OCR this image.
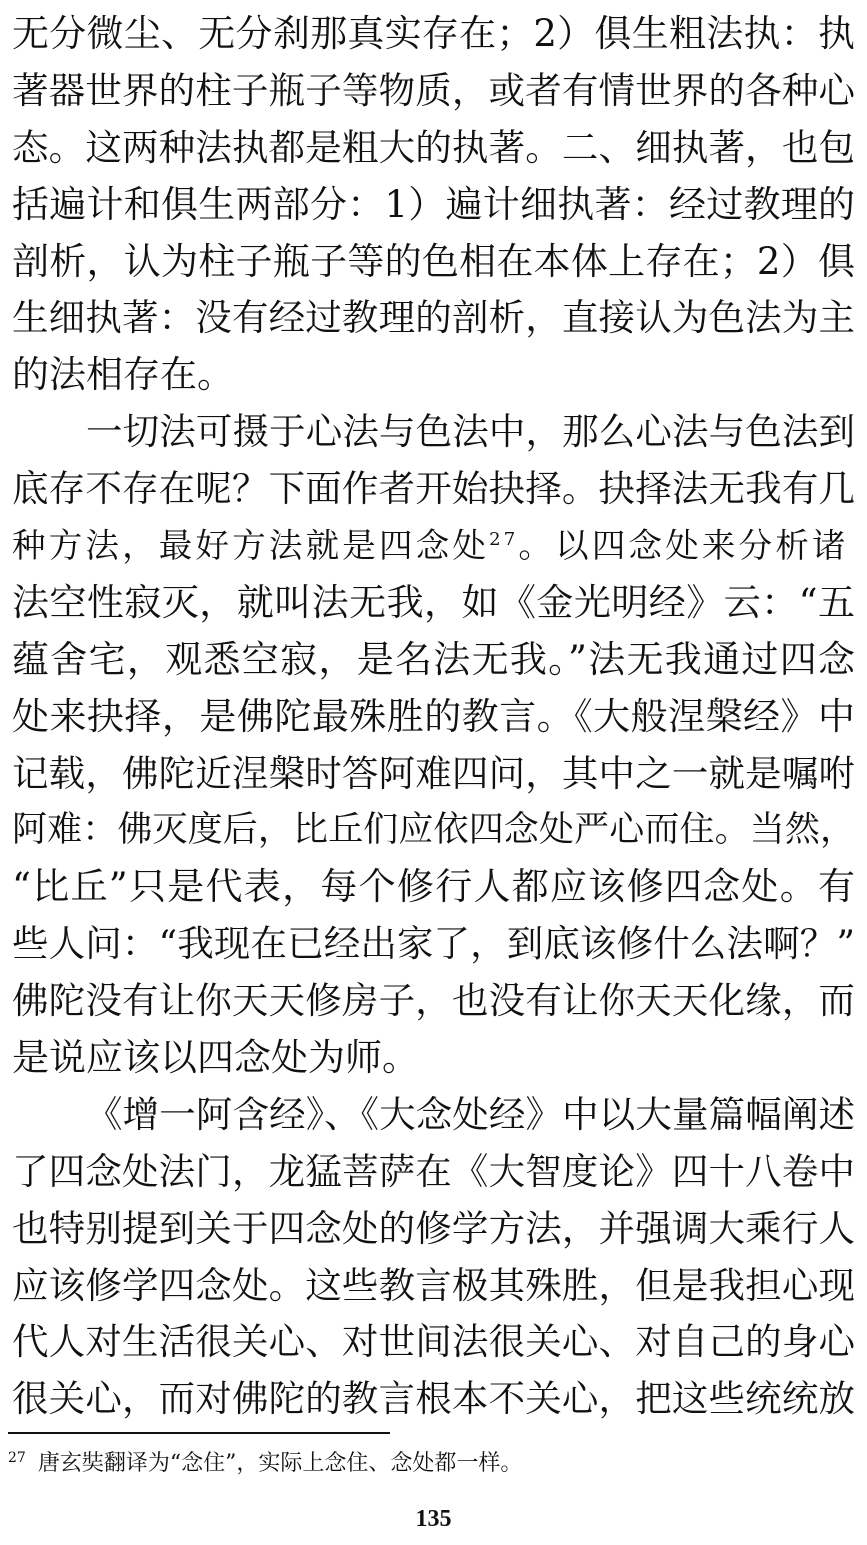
无分微尘、无分刹那真实存在；2）俱生粗法执：执
著器世界的柱子瓶子等物质，或者有情世界的各种心
态。这两种法执都是粗大的执著。二、细执著，也包
括遍计和俱生两部分：1）遍计细执著：经过教理的
剖析，认为柱子瓶子等的色相在本体上存在；2）俱
生细执著：没有经过教理的剖析，直接认为色法为主
的法相存在。
一切法可摄于心法与色法中，那么心法与色法到
底存不存在呢？下面作者开始抉择。抉择法无我有几
种方法，最好方法就是四念处$^{27}$。以四念处来分析诸
法空性寂灭，就叫法无我，如《金光明经》云：“五
蕴舍宅，观悉空寂，是名法无我。”法无我通过四念
处来抉择，是佛陀最殊胜的教言。《大般涅槃经》中
记载，佛陀近涅槃时答阿难四问，其中之一就是嘱咐
阿难：佛灭度后，比丘们应依四念处严心而住。当然，
“比丘”只是代表，每个修行人都应该修四念处。有
些人问：“我现在已经出家了，到底该修什么法啊？”
佛陀没有让你天天修房子，也没有让你天天化缘，而
是说应该以四念处为师。
《增一阿含经》、《大念处经》中以大量篇幅阐述
了四念处法门，龙猛菩萨在《大智度论》四十八卷中
也特别提到关于四念处的修学方法，并强调大乘行人
应该修学四念处。这些教言极其殊胜，但是我担心现
代人对生活很关心、对世间法很关心、对自己的身心
很关心，而对佛陀的教言根本不关心，把这些统统放
$^{27}$ 唐玄奘翻译为“念住”，实际上念住、念处都一样。
135
